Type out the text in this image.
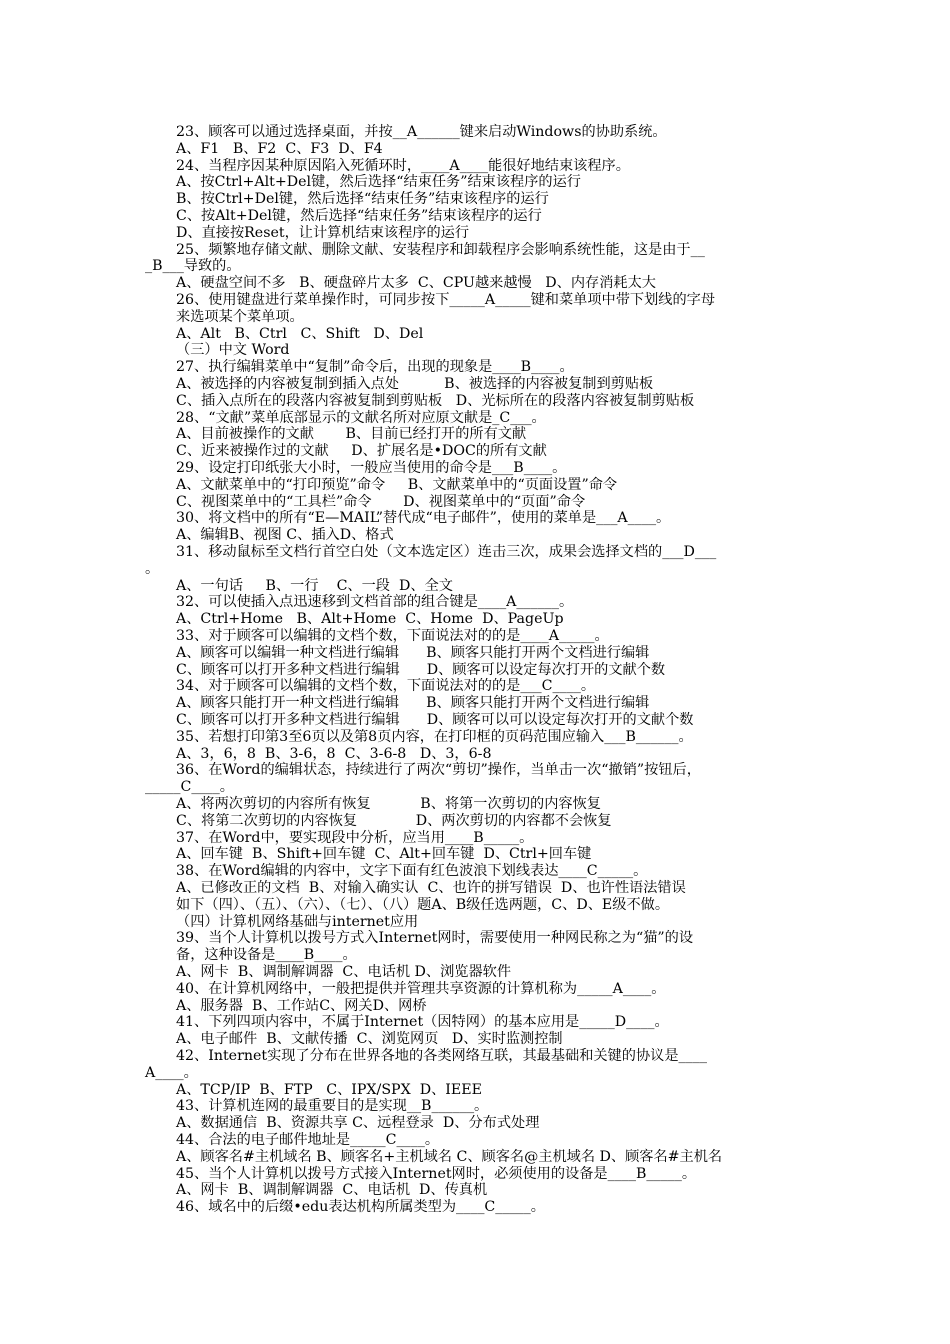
23、顾客可以通过选择桌面，并按__A______键来启动Windows的协助系统。
A、F1   B、F2  C、F3  D、F4
24、当程序因某种原因陷入死循环时，____A____能很好地结束该程序。
A、按Ctrl+Alt+Del键，然后选择“结束任务”结束该程序的运行
B、按Ctrl+Del键，然后选择“结束任务”结束该程序的运行
C、按Alt+Del键，然后选择“结束任务”结束该程序的运行
D、直接按Reset，让计算机结束该程序的运行
25、频繁地存储文献、删除文献、安装程序和卸载程序会影响系统性能，这是由于__
_B___导致的。
A、硬盘空间不多   B、硬盘碎片太多  C、CPU越来越慢   D、内存消耗太大
26、使用键盘进行菜单操作时，可同步按下_____A_____键和菜单项中带下划线的字母
来选项某个菜单项。
A、Alt   B、Ctrl   C、Shift   D、Del
（三）中文 Word
27、执行编辑菜单中“复制”命令后，出现的现象是____B____。
A、被选择的内容被复制到插入点处          B、被选择的内容被复制到剪贴板
C、插入点所在的段落内容被复制到剪贴板   D、光标所在的段落内容被复制剪贴板
28、“文献”菜单底部显示的文献名所对应原文献是_C___。
A、目前被操作的文献       B、目前已经打开的所有文献
C、近来被操作过的文献     D、扩展名是•DOC的所有文献
29、设定打印纸张大小时，一般应当使用的命令是___B____。
A、文献菜单中的“打印预览”命令     B、文献菜单中的“页面设置”命令
C、视图菜单中的“工具栏”命令       D、视图菜单中的“页面”命令
30、将文档中的所有“E—MAIL”替代成“电子邮件”，使用的菜单是___A____。
A、编辑B、视图 C、插入D、格式
31、移动鼠标至文档行首空白处（文本选定区）连击三次，成果会选择文档的___D___
。
A、一句话     B、一行    C、一段  D、全文
32、可以使插入点迅速移到文档首部的组合键是____A______。
A、Ctrl+Home   B、Alt+Home  C、Home  D、PageUp
33、对于顾客可以编辑的文档个数，下面说法对的的是____A_____。
A、顾客可以编辑一种文档进行编辑      B、顾客只能打开两个文档进行编辑
C、顾客可以打开多种文档进行编辑      D、顾客可以设定每次打开的文献个数
34、对于顾客可以编辑的文档个数，下面说法对的的是___C____。
A、顾客只能打开一种文档进行编辑      B、顾客只能打开两个文档进行编辑
C、顾客可以打开多种文档进行编辑      D、顾客可以可以设定每次打开的文献个数
35、若想打印第3至6页以及第8页内容，在打印框的页码范围应输入___B______。
A、3，6，8  B、3-6，8  C、3-6-8   D、3，6-8
36、在Word的编辑状态，持续进行了两次“剪切”操作，当单击一次“撤销”按钮后，
_____C____。
A、将两次剪切的内容所有恢复           B、将第一次剪切的内容恢复
C、将第二次剪切的内容恢复             D、两次剪切的内容都不会恢复
37、在Word中，要实现段中分析，应当用____B_____。
A、回车键  B、Shift+回车键  C、Alt+回车键  D、Ctrl+回车键
38、在Word编辑的内容中，文字下面有红色波浪下划线表达____C_____。
A、已修改正的文档  B、对输入确实认  C、也许的拼写错误  D、也许性语法错误
如下（四）、（五）、（六）、（七）、（八）题A、B级任选两题，C、D、E级不做。
（四）计算机网络基础与internet应用
39、当个人计算机以拨号方式入Internet网时，需要使用一种网民称之为“猫”的设
备，这种设备是____B____。
A、网卡  B、调制解调器  C、电话机 D、浏览器软件
40、在计算机网络中，一般把提供并管理共享资源的计算机称为_____A____。
A、服务器  B、工作站C、网关D、网桥
41、下列四项内容中，不属于Internet（因特网）的基本应用是_____D____。
A、电子邮件  B、文献传播  C、浏览网页   D、实时监测控制
42、Internet实现了分布在世界各地的各类网络互联，其最基础和关键的协议是____
A____。
A、TCP/IP  B、FTP   C、IPX/SPX  D、IEEE
43、计算机连网的最重要目的是实现__B______。
A、数据通信  B、资源共享 C、远程登录  D、分布式处理
44、合法的电子邮件地址是_____C____。
A、顾客名#主机域名 B、顾客名+主机域名 C、顾客名@主机域名 D、顾客名#主机名
45、当个人计算机以拨号方式接入Internet网时，必须使用的设备是____B_____。
A、网卡  B、调制解调器  C、电话机  D、传真机
46、域名中的后缀•edu表达机构所属类型为____C_____。
